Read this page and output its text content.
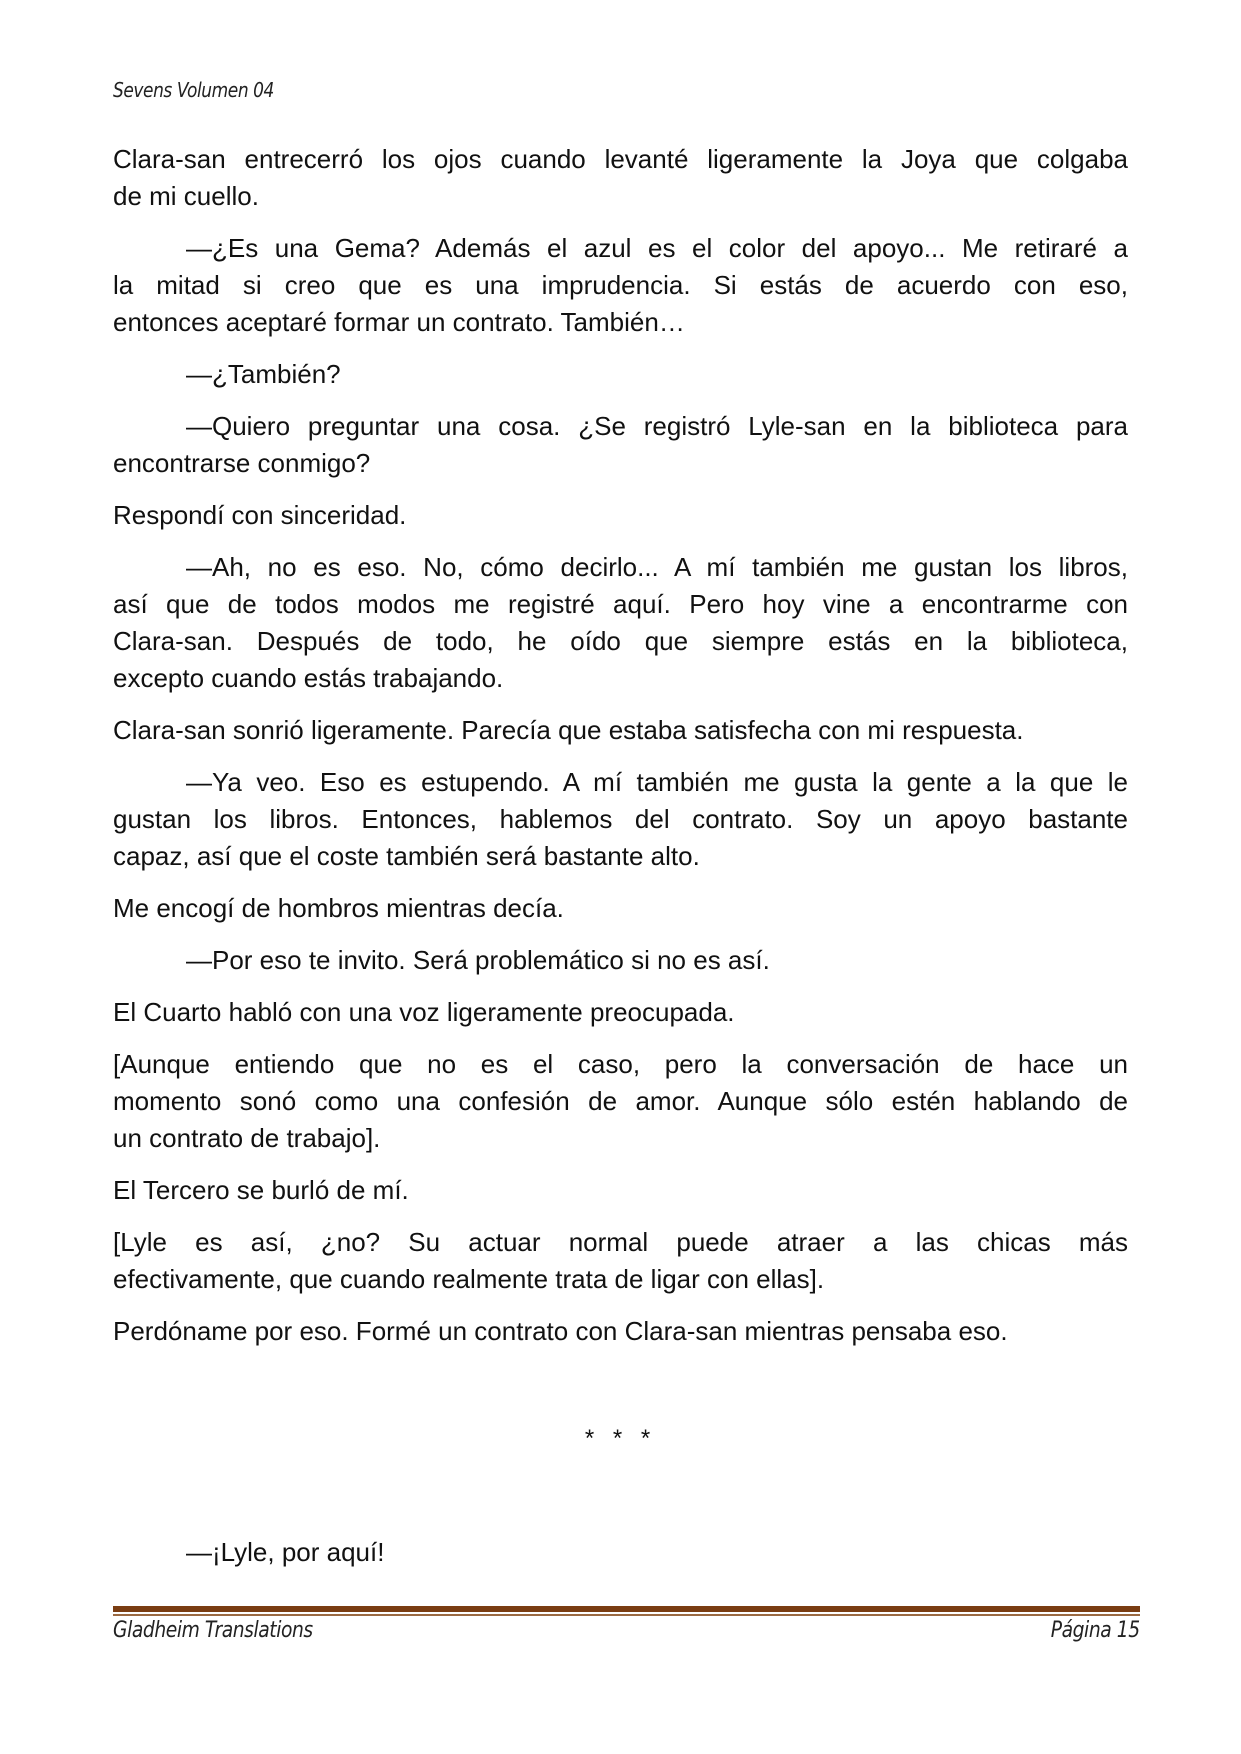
Sevens Volumen 04
Clara-san entrecerró los ojos cuando levanté ligeramente la Joya que colgaba
de mi cuello.
—¿Es una Gema? Además el azul es el color del apoyo... Me retiraré a
la mitad si creo que es una imprudencia. Si estás de acuerdo con eso,
entonces aceptaré formar un contrato. También…
—¿También?
—Quiero preguntar una cosa. ¿Se registró Lyle-san en la biblioteca para
encontrarse conmigo?
Respondí con sinceridad.
—Ah, no es eso. No, cómo decirlo... A mí también me gustan los libros,
así que de todos modos me registré aquí. Pero hoy vine a encontrarme con
Clara-san. Después de todo, he oído que siempre estás en la biblioteca,
excepto cuando estás trabajando.
Clara-san sonrió ligeramente. Parecía que estaba satisfecha con mi respuesta.
—Ya veo. Eso es estupendo. A mí también me gusta la gente a la que le
gustan los libros. Entonces, hablemos del contrato. Soy un apoyo bastante
capaz, así que el coste también será bastante alto.
Me encogí de hombros mientras decía.
—Por eso te invito. Será problemático si no es así.
El Cuarto habló con una voz ligeramente preocupada.
[Aunque entiendo que no es el caso, pero la conversación de hace un
momento sonó como una confesión de amor. Aunque sólo estén hablando de
un contrato de trabajo].
El Tercero se burló de mí.
[Lyle es así, ¿no? Su actuar normal puede atraer a las chicas más
efectivamente, que cuando realmente trata de ligar con ellas].
Perdóname por eso. Formé un contrato con Clara-san mientras pensaba eso.
* * *
—¡Lyle, por aquí!
Gladheim Translations	Página 15
